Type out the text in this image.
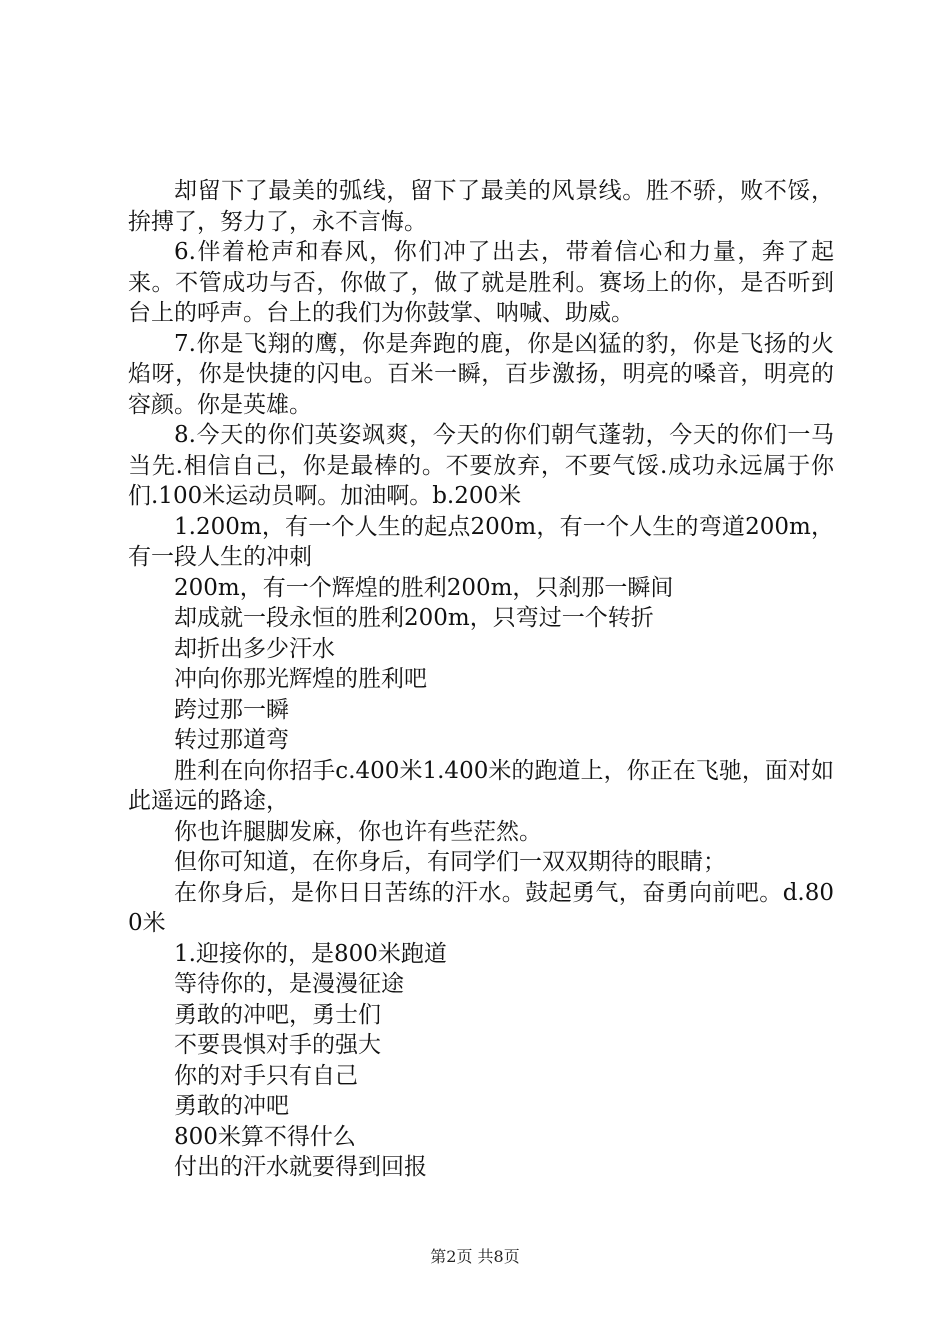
却留下了最美的弧线，留下了最美的风景线。胜不骄，败不馁，拚搏了，努力了，永不言悔。

6.伴着枪声和春风，你们冲了出去，带着信心和力量，奔了起来。不管成功与否，你做了，做了就是胜利。赛场上的你，是否听到台上的呼声。台上的我们为你鼓掌、呐喊、助威。

7.你是飞翔的鹰，你是奔跑的鹿，你是凶猛的豹，你是飞扬的火焰呀，你是快捷的闪电。百米一瞬，百步激扬，明亮的嗓音，明亮的容颜。你是英雄。

8.今天的你们英姿飒爽，今天的你们朝气蓬勃，今天的你们一马当先.相信自己，你是最棒的。不要放弃，不要气馁.成功永远属于你们.100米运动员啊。加油啊。b.200米

1.200m，有一个人生的起点200m，有一个人生的弯道200m，有一段人生的冲刺

200m，有一个辉煌的胜利200m，只刹那一瞬间

却成就一段永恒的胜利200m，只弯过一个转折

却折出多少汗水

冲向你那光辉煌的胜利吧

跨过那一瞬

转过那道弯

胜利在向你招手c.400米1.400米的跑道上，你正在飞驰，面对如此遥远的路途，

你也许腿脚发麻，你也许有些茫然。

但你可知道，在你身后，有同学们一双双期待的眼睛；

在你身后，是你日日苦练的汗水。鼓起勇气，奋勇向前吧。d.800米

1.迎接你的，是800米跑道

等待你的，是漫漫征途

勇敢的冲吧，勇士们

不要畏惧对手的强大

你的对手只有自己

勇敢的冲吧

800米算不得什么

付出的汗水就要得到回报

第2页 共8页
